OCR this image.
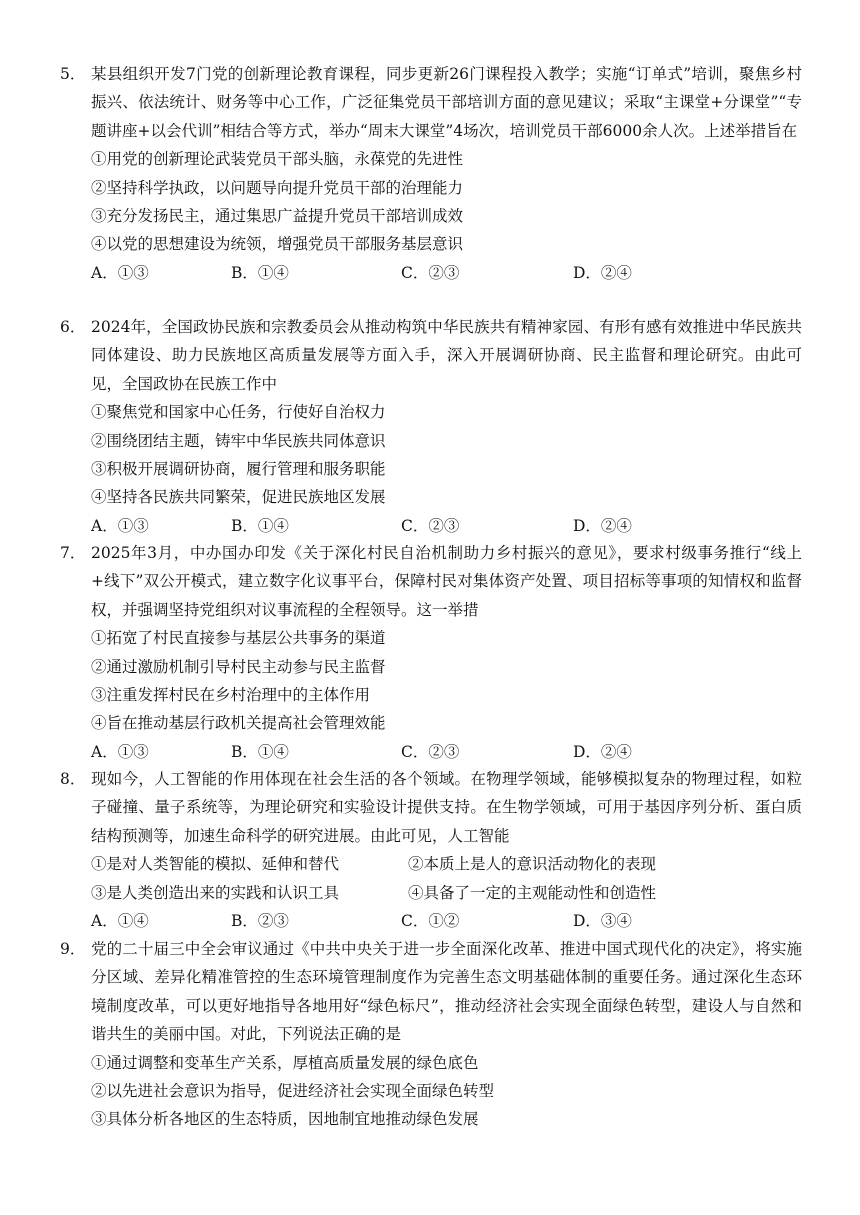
5． 某县组织开发7门党的创新理论教育课程，同步更新26门课程投入教学；实施“订单式”培训，聚焦乡村振兴、依法统计、财务等中心工作，广泛征集党员干部培训方面的意见建议；采取“主课堂+分课堂”“专题讲座+以会代训”相结合等方式，举办“周末大课堂”4场次，培训党员干部6000余人次。上述举措旨在
①用党的创新理论武装党员干部头脑，永葆党的先进性
②坚持科学执政，以问题导向提升党员干部的治理能力
③充分发扬民主，通过集思广益提升党员干部培训成效
④以党的思想建设为统领，增强党员干部服务基层意识
A．①③	B．①④	C．②③	D．②④
6． 2024年，全国政协民族和宗教委员会从推动构筑中华民族共有精神家园、有形有感有效推进中华民族共同体建设、助力民族地区高质量发展等方面入手，深入开展调研协商、民主监督和理论研究。由此可见，全国政协在民族工作中
①聚焦党和国家中心任务，行使好自治权力
②围绕团结主题，铸牢中华民族共同体意识
③积极开展调研协商，履行管理和服务职能
④坚持各民族共同繁荣，促进民族地区发展
A．①③	B．①④	C．②③	D．②④
7． 2025年3月，中办国办印发《关于深化村民自治机制助力乡村振兴的意见》，要求村级事务推行“线上+线下”双公开模式，建立数字化议事平台，保障村民对集体资产处置、项目招标等事项的知情权和监督权，并强调坚持党组织对议事流程的全程领导。这一举措
①拓宽了村民直接参与基层公共事务的渠道
②通过激励机制引导村民主动参与民主监督
③注重发挥村民在乡村治理中的主体作用
④旨在推动基层行政机关提高社会管理效能
A．①③	B．①④	C．②③	D．②④
8． 现如今，人工智能的作用体现在社会生活的各个领域。在物理学领域，能够模拟复杂的物理过程，如粒子碰撞、量子系统等，为理论研究和实验设计提供支持。在生物学领域，可用于基因序列分析、蛋白质结构预测等，加速生命科学的研究进展。由此可见，人工智能
①是对人类智能的模拟、延伸和替代	②本质上是人的意识活动物化的表现
③是人类创造出来的实践和认识工具	④具备了一定的主观能动性和创造性
A．①④	B．②③	C．①②	D．③④
9． 党的二十届三中全会审议通过《中共中央关于进一步全面深化改革、推进中国式现代化的决定》，将实施分区域、差异化精准管控的生态环境管理制度作为完善生态文明基础体制的重要任务。通过深化生态环境制度改革，可以更好地指导各地用好“绿色标尺”，推动经济社会实现全面绿色转型，建设人与自然和谐共生的美丽中国。对此，下列说法正确的是
①通过调整和变革生产关系，厚植高质量发展的绿色底色
②以先进社会意识为指导，促进经济社会实现全面绿色转型
③具体分析各地区的生态特质，因地制宜地推动绿色发展
